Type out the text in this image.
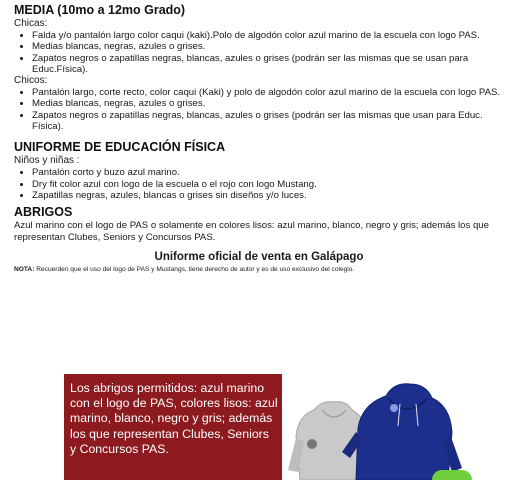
MEDIA (10mo a 12mo Grado)

Chicas:

• Falda y/o pantalón largo color caqui (kaki).Polo de algodón color azul marino de la escuela con logo PAS.
• Medias blancas, negras, azules o grises.
• Zapatos negros o zapatillas negras, blancas, azules o grises (podrán ser las mismas que se usan para Educ.Física).

Chicos:

• Pantalón largo, corte recto, color caqui (Kaki) y polo de algodón color azul marino de la escuela con logo PAS.
• Medias blancas, negras, azules o grises.
• Zapatos negros o zapatillas negras, blancas, azules o grises (podrán ser las mismas que usan para Educ. Física).

UNIFORME DE EDUCACIÓN FÍSICA

Niños y niñas :

• Pantalón corto y buzo azul marino.
• Dry fit color azul con logo de la escuela o el rojo con logo Mustang.
• Zapatillas negras, azules, blancas o grises sin diseños y/o luces.

ABRIGOS

Azul marino con el logo de PAS o solamente en colores lisos: azul marino, blanco, negro y gris; además los que representan Clubes, Seniors y Concursos PAS.

Uniforme oficial de venta en Galápago

NOTA: Recuerden que el uso del logo de PAS y Mustangs, tiene derecho de autor y es de uso exclusivo del colegio.

Los abrigos permitidos: azul marino con el logo de PAS, colores lisos: azul marino, blanco, negro y gris; además los que representan Clubes, Seniors y Concursos PAS.
